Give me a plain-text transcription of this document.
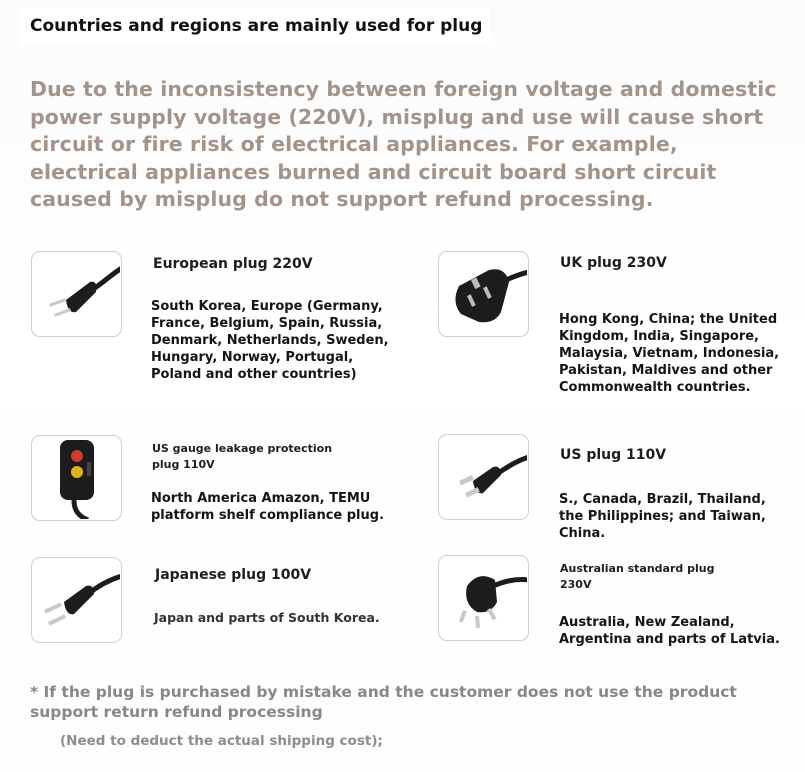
Countries and regions are mainly used for plug
Due to the inconsistency between foreign voltage and domestic power supply voltage (220V), misplug and use will cause short circuit or fire risk of electrical appliances. For example, electrical appliances burned and circuit board short circuit caused by misplug do not support refund processing.
European plug 220V
South Korea, Europe (Germany, France, Belgium, Spain, Russia, Denmark, Netherlands, Sweden, Hungary, Norway, Portugal, Poland and other countries)
UK plug 230V
Hong Kong, China; the United Kingdom, India, Singapore, Malaysia, Vietnam, Indonesia, Pakistan, Maldives and other Commonwealth countries.
US gauge leakage protection plug 110V
North America Amazon, TEMU platform shelf compliance plug.
US plug 110V
S., Canada, Brazil, Thailand, the Philippines; and Taiwan, China.
Japanese plug 100V
Japan and parts of South Korea.
Australian standard plug 230V
Australia, New Zealand, Argentina and parts of Latvia.
* If the plug is purchased by mistake and the customer does not use the product support return refund processing
(Need to deduct the actual shipping cost);
